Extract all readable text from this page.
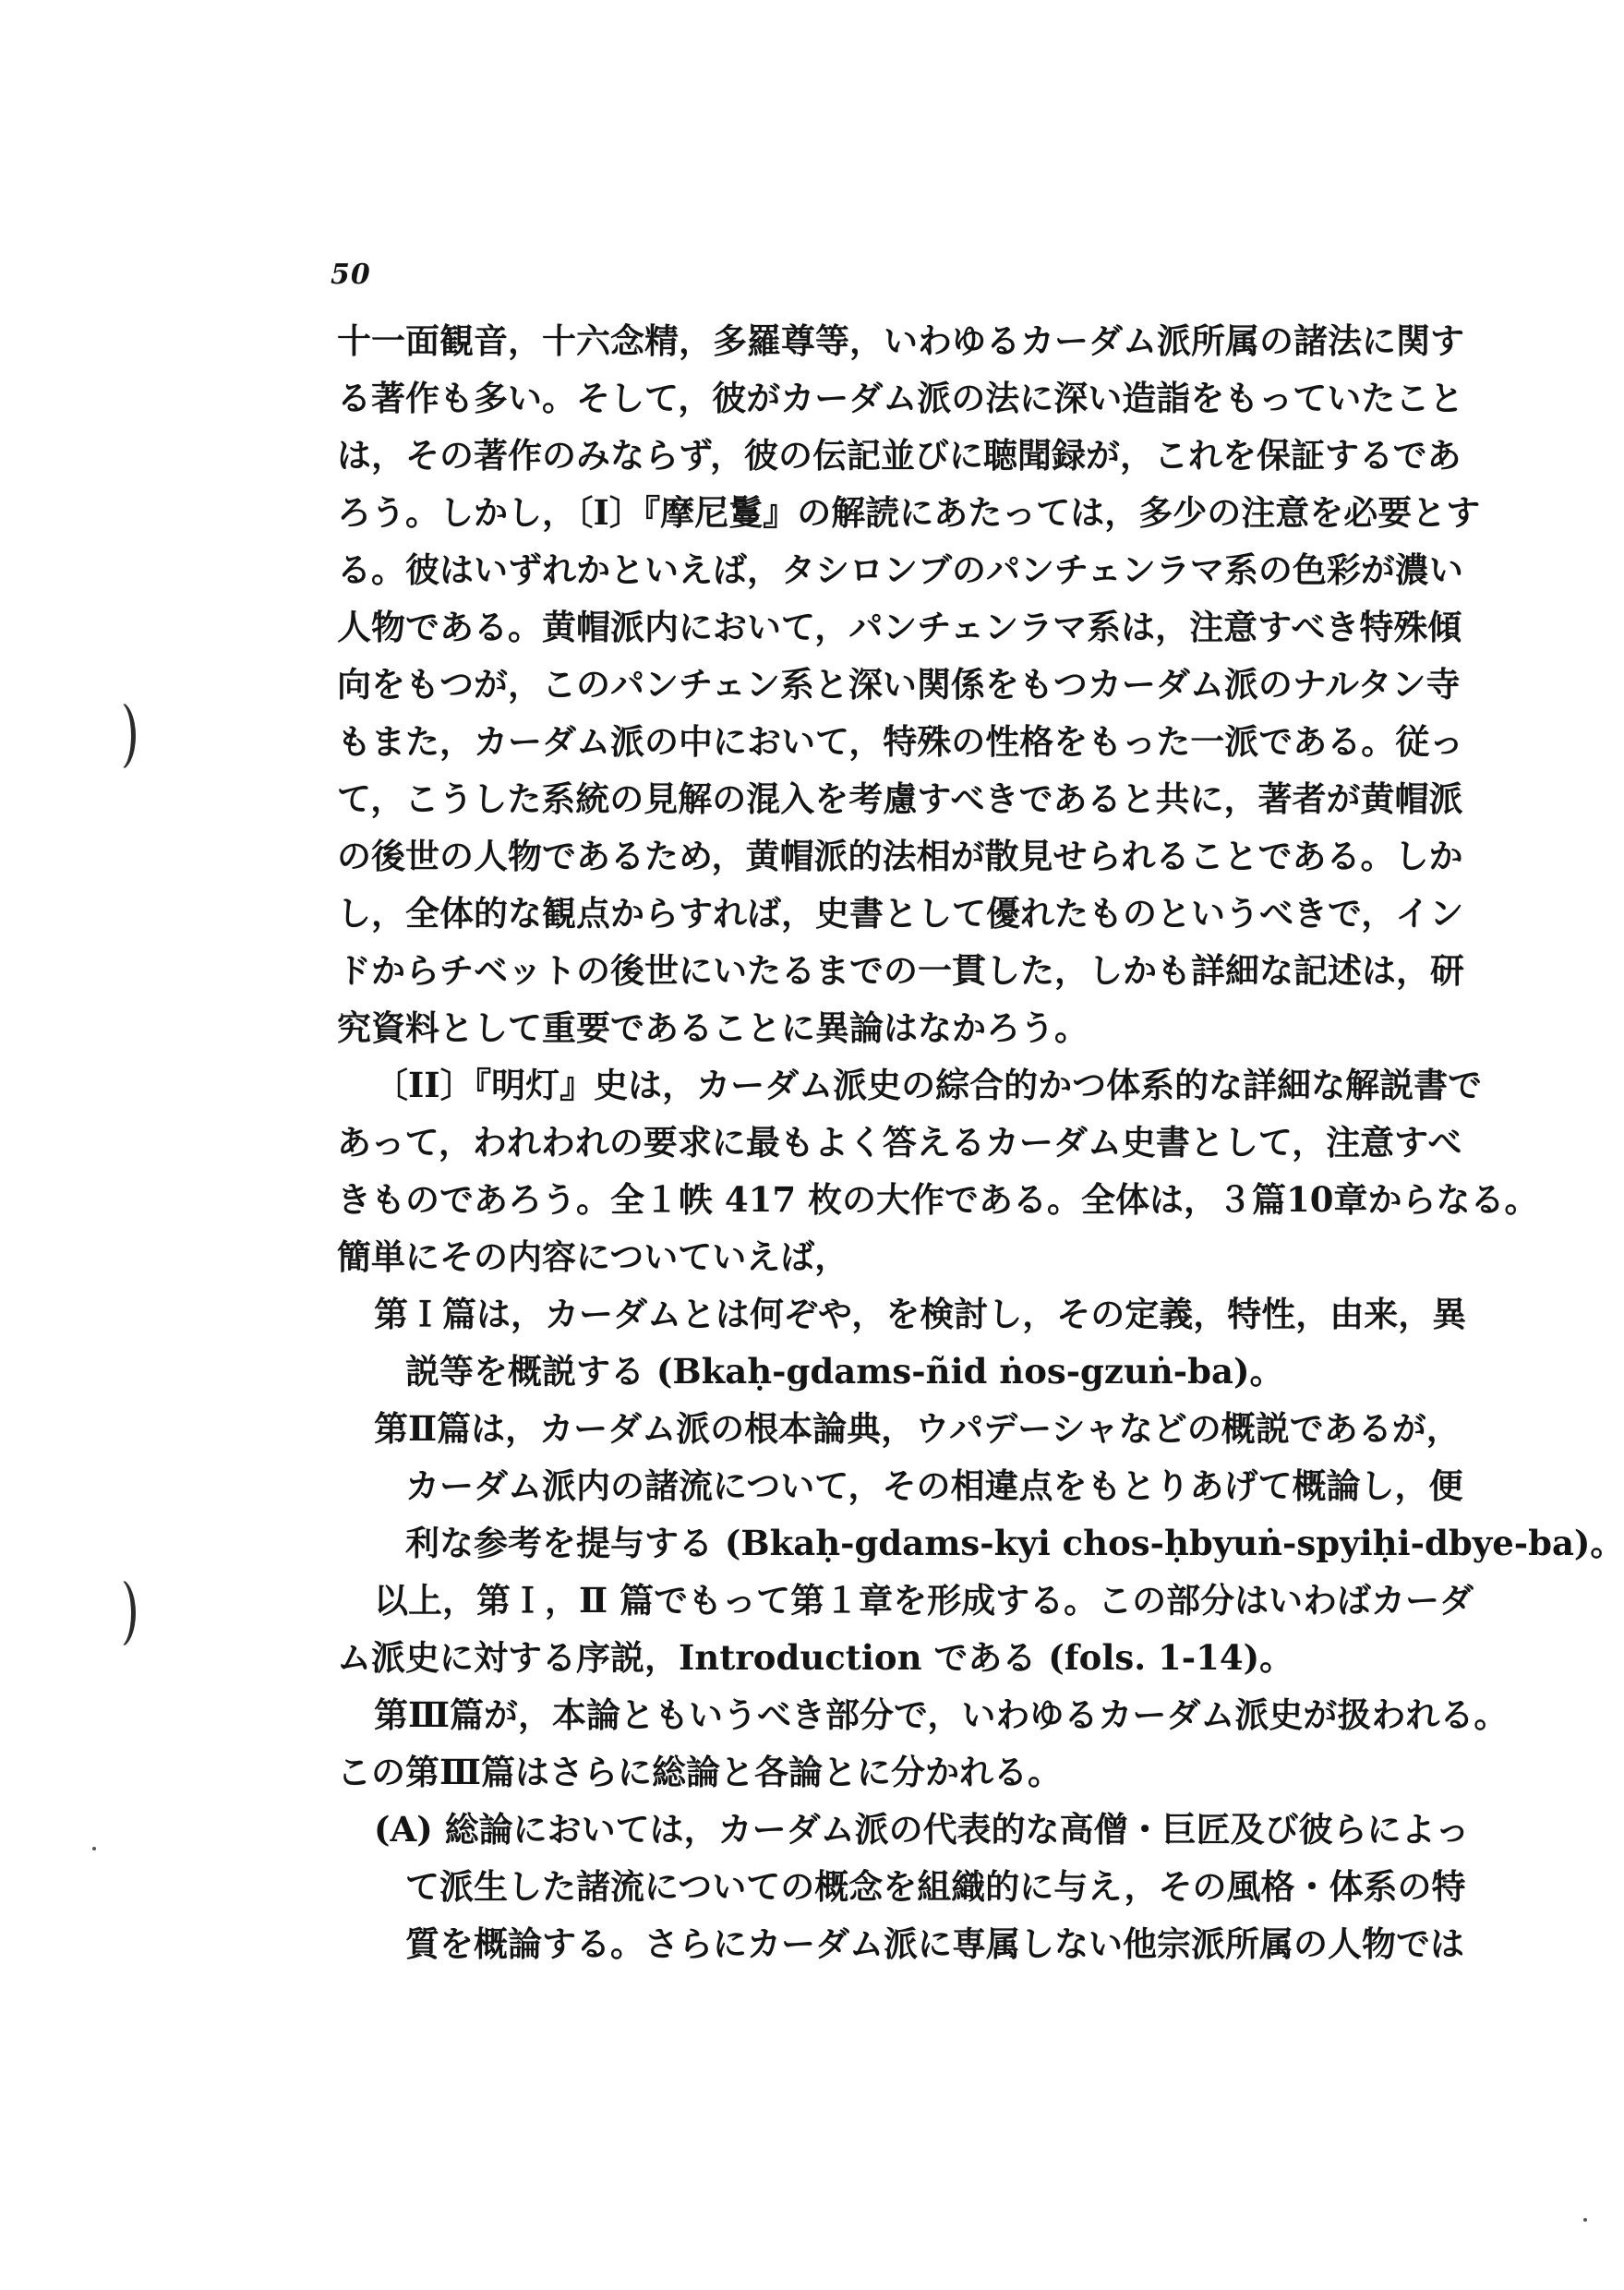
50
十一面観音，十六念精，多羅尊等，いわゆるカーダム派所属の諸法に関す
る著作も多い。そして，彼がカーダム派の法に深い造詣をもっていたこと
は，その著作のみならず，彼の伝記並びに聴聞録が，これを保証するであ
ろう。しかし，〔I〕『摩尼鬘』の解読にあたっては，多少の注意を必要とす
る。彼はいずれかといえば，タシロンブのパンチェンラマ系の色彩が濃い
人物である。黄帽派内において，パンチェンラマ系は，注意すべき特殊傾
向をもつが，このパンチェン系と深い関係をもつカーダム派のナルタン寺
もまた，カーダム派の中において，特殊の性格をもった一派である。従っ
て，こうした系統の見解の混入を考慮すべきであると共に，著者が黄帽派
の後世の人物であるため，黄帽派的法相が散見せられることである。しか
し，全体的な観点からすれば，史書として優れたものというべきで，イン
ドからチベットの後世にいたるまでの一貫した，しかも詳細な記述は，研
究資料として重要であることに異論はなかろう。
〔II〕『明灯』史は，カーダム派史の綜合的かつ体系的な詳細な解説書で
あって，われわれの要求に最もよく答えるカーダム史書として，注意すべ
きものであろう。全１帙 417 枚の大作である。全体は，３篇10章からなる。
簡単にその内容についていえば，
第Ｉ篇は，カーダムとは何ぞや，を検討し，その定義，特性，由来，異
説等を概説する (Bkaḥ-gdams-ñid ṅos-gzuṅ-ba)。
第Ⅱ篇は，カーダム派の根本論典，ウパデーシャなどの概説であるが，
カーダム派内の諸流について，その相違点をもとりあげて概論し，便
利な参考を提与する (Bkaḥ-gdams-kyi chos-ḥbyuṅ-spyiḥi-dbye-ba)。
以上，第Ｉ，Ⅱ 篇でもって第１章を形成する。この部分はいわばカーダ
ム派史に対する序説，Introduction である (fols. 1-14)。
第Ⅲ篇が，本論ともいうべき部分で，いわゆるカーダム派史が扱われる。
この第Ⅲ篇はさらに総論と各論とに分かれる。
(A) 総論においては，カーダム派の代表的な高僧・巨匠及び彼らによっ
て派生した諸流についての概念を組織的に与え，その風格・体系の特
質を概論する。さらにカーダム派に専属しない他宗派所属の人物では
